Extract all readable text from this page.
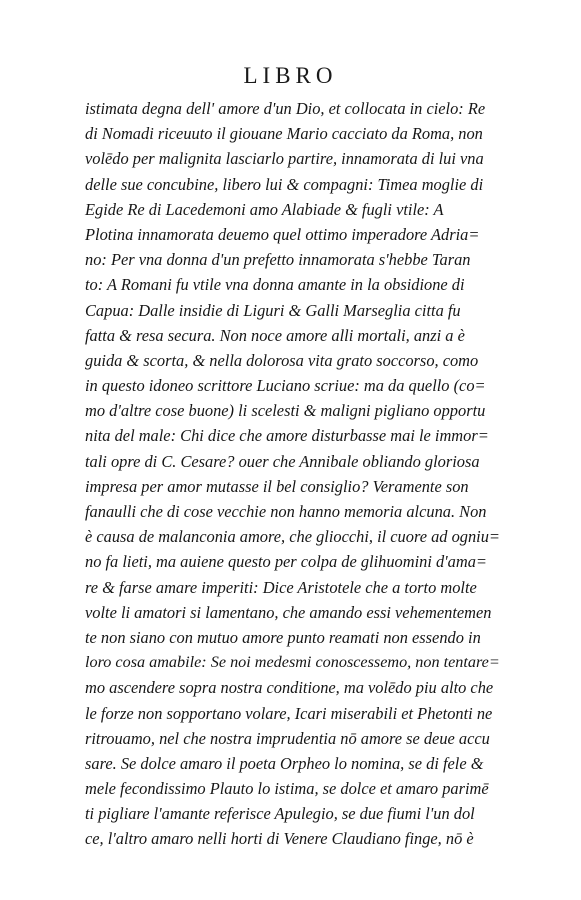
LIBRO
istimata degna dell' amore d'un Dio, et collocata in cielo: Re
di Nomadi riceuuto il giouane Mario cacciato da Roma, non
volēdo per malignita lasciarlo partire, innamorata di lui vna
delle sue concubine, libero lui & compagni: Timea moglie di
Egide Re di Lacedemoni amo Alabiade & fugli vtile: A
Plotina innamorata deuemo quel ottimo imperadore Adria=
no: Per vna donna d'un prefetto innamorata s'hebbe Taran
to: A Romani fu vtile vna donna amante in la obsidione di
Capua: Dalle insidie di Liguri & Galli Marseglia citta fu
fatta & resa secura. Non noce amore alli mortali, anzi a è
guida & scorta, & nella dolorosa vita grato soccorso, como
in questo idoneo scrittore Luciano scriue: ma da quello (co=
mo d'altre cose buone) li scelesti & maligni pigliano opportu
nita del male: Chi dice che amore disturbasse mai le immor=
tali opre di C. Cesare? ouer che Annibale obliando gloriosa
impresa per amor mutasse il bel consiglio? Veramente son
fanaulli che di cose vecchie non hanno memoria alcuna. Non
è causa de malanconia amore, che gliocchi, il cuore ad ogniu=
no fa lieti, ma auiene questo per colpa de glihuomini d'ama=
re & farse amare imperiti: Dice Aristotele che a torto molte
volte li amatori si lamentano, che amando essi vehementemen
te non siano con mutuo amore punto reamati non essendo in
loro cosa amabile: Se noi medesmi conoscessemo, non tentare=
mo ascendere sopra nostra conditione, ma volēdo piu alto che
le forze non sopportano volare, Icari miserabili et Phetonti ne
ritrouamo, nel che nostra imprudentia nō amore se deue accu
sare. Se dolce amaro il poeta Orpheo lo nomina, se di fele &
mele fecondissimo Plauto lo istima, se dolce et amaro parimē
ti pigliare l'amante referisce Apulegio, se due fiumi l'un dol
ce, l'altro amaro nelli horti di Venere Claudiano finge, nō è
